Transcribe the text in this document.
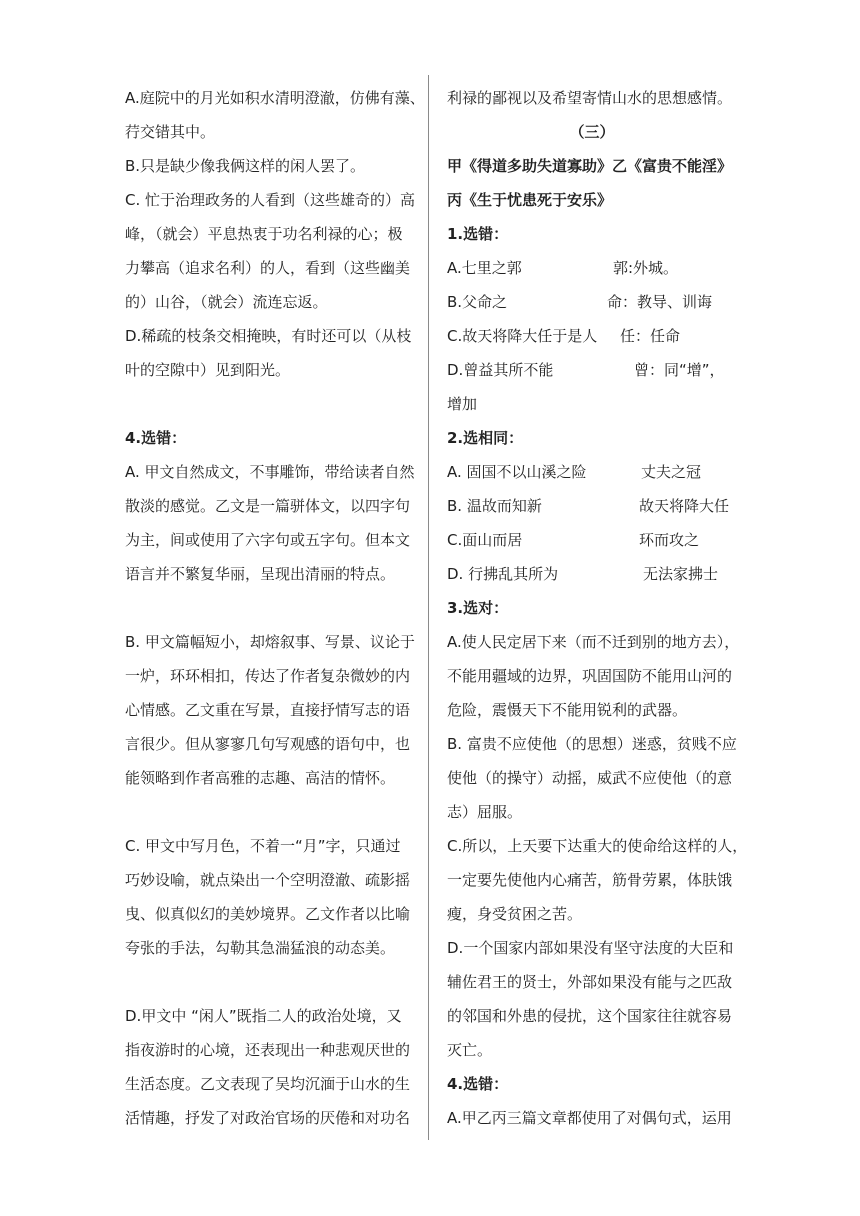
A.庭院中的月光如积水清明澄澈，仿佛有藻、
荇交错其中。
B.只是缺少像我俩这样的闲人罢了。
C. 忙于治理政务的人看到（这些雄奇的）高
峰，（就会）平息热衷于功名利禄的心；极
力攀高（追求名利）的人，看到（这些幽美
的）山谷，（就会）流连忘返。
D.稀疏的枝条交相掩映，有时还可以（从枝
叶的空隙中）见到阳光。
4.选错：
A. 甲文自然成文，不事雕饰，带给读者自然
散淡的感觉。乙文是一篇骈体文，以四字句
为主，间或使用了六字句或五字句。但本文
语言并不繁复华丽，呈现出清丽的特点。
B. 甲文篇幅短小，却熔叙事、写景、议论于
一炉，环环相扣，传达了作者复杂微妙的内
心情感。乙文重在写景，直接抒情写志的语
言很少。但从寥寥几句写观感的语句中，也
能领略到作者高雅的志趣、高洁的情怀。
C. 甲文中写月色，不着一“月”字，只通过
巧妙设喻，就点染出一个空明澄澈、疏影摇
曳、似真似幻的美妙境界。乙文作者以比喻
夸张的手法，勾勒其急湍猛浪的动态美。
D.甲文中 “闲人”既指二人的政治处境，又
指夜游时的心境，还表现出一种悲观厌世的
生活态度。乙文表现了吴均沉湎于山水的生
活情趣，抒发了对政治官场的厌倦和对功名
利禄的鄙视以及希望寄情山水的思想感情。
（三）
甲《得道多助失道寡助》乙《富贵不能淫》
丙《生于忧患死于安乐》
1.选错：
A.七里之郭	郭:外城。
B.父命之	命：教导、训诲
C.故天将降大任于是人	任：任命
D.曾益其所不能	曾：同“增”，
增加
2.选相同：
A. 固国不以山溪之险	丈夫之冠
B. 温故而知新	故天将降大任
C.面山而居	环而攻之
D. 行拂乱其所为	无法家拂士
3.选对：
A.使人民定居下来（而不迁到别的地方去），
不能用疆域的边界，巩固国防不能用山河的
危险，震慑天下不能用锐利的武器。
B. 富贵不应使他（的思想）迷惑，贫贱不应
使他（的操守）动摇，威武不应使他（的意
志）屈服。
C.所以，上天要下达重大的使命给这样的人，
一定要先使他内心痛苦，筋骨劳累，体肤饿
瘦，身受贫困之苦。
D.一个国家内部如果没有坚守法度的大臣和
辅佐君王的贤士，外部如果没有能与之匹敌
的邻国和外患的侵扰，这个国家往往就容易
灭亡。
4.选错：
A.甲乙丙三篇文章都使用了对偶句式，运用
